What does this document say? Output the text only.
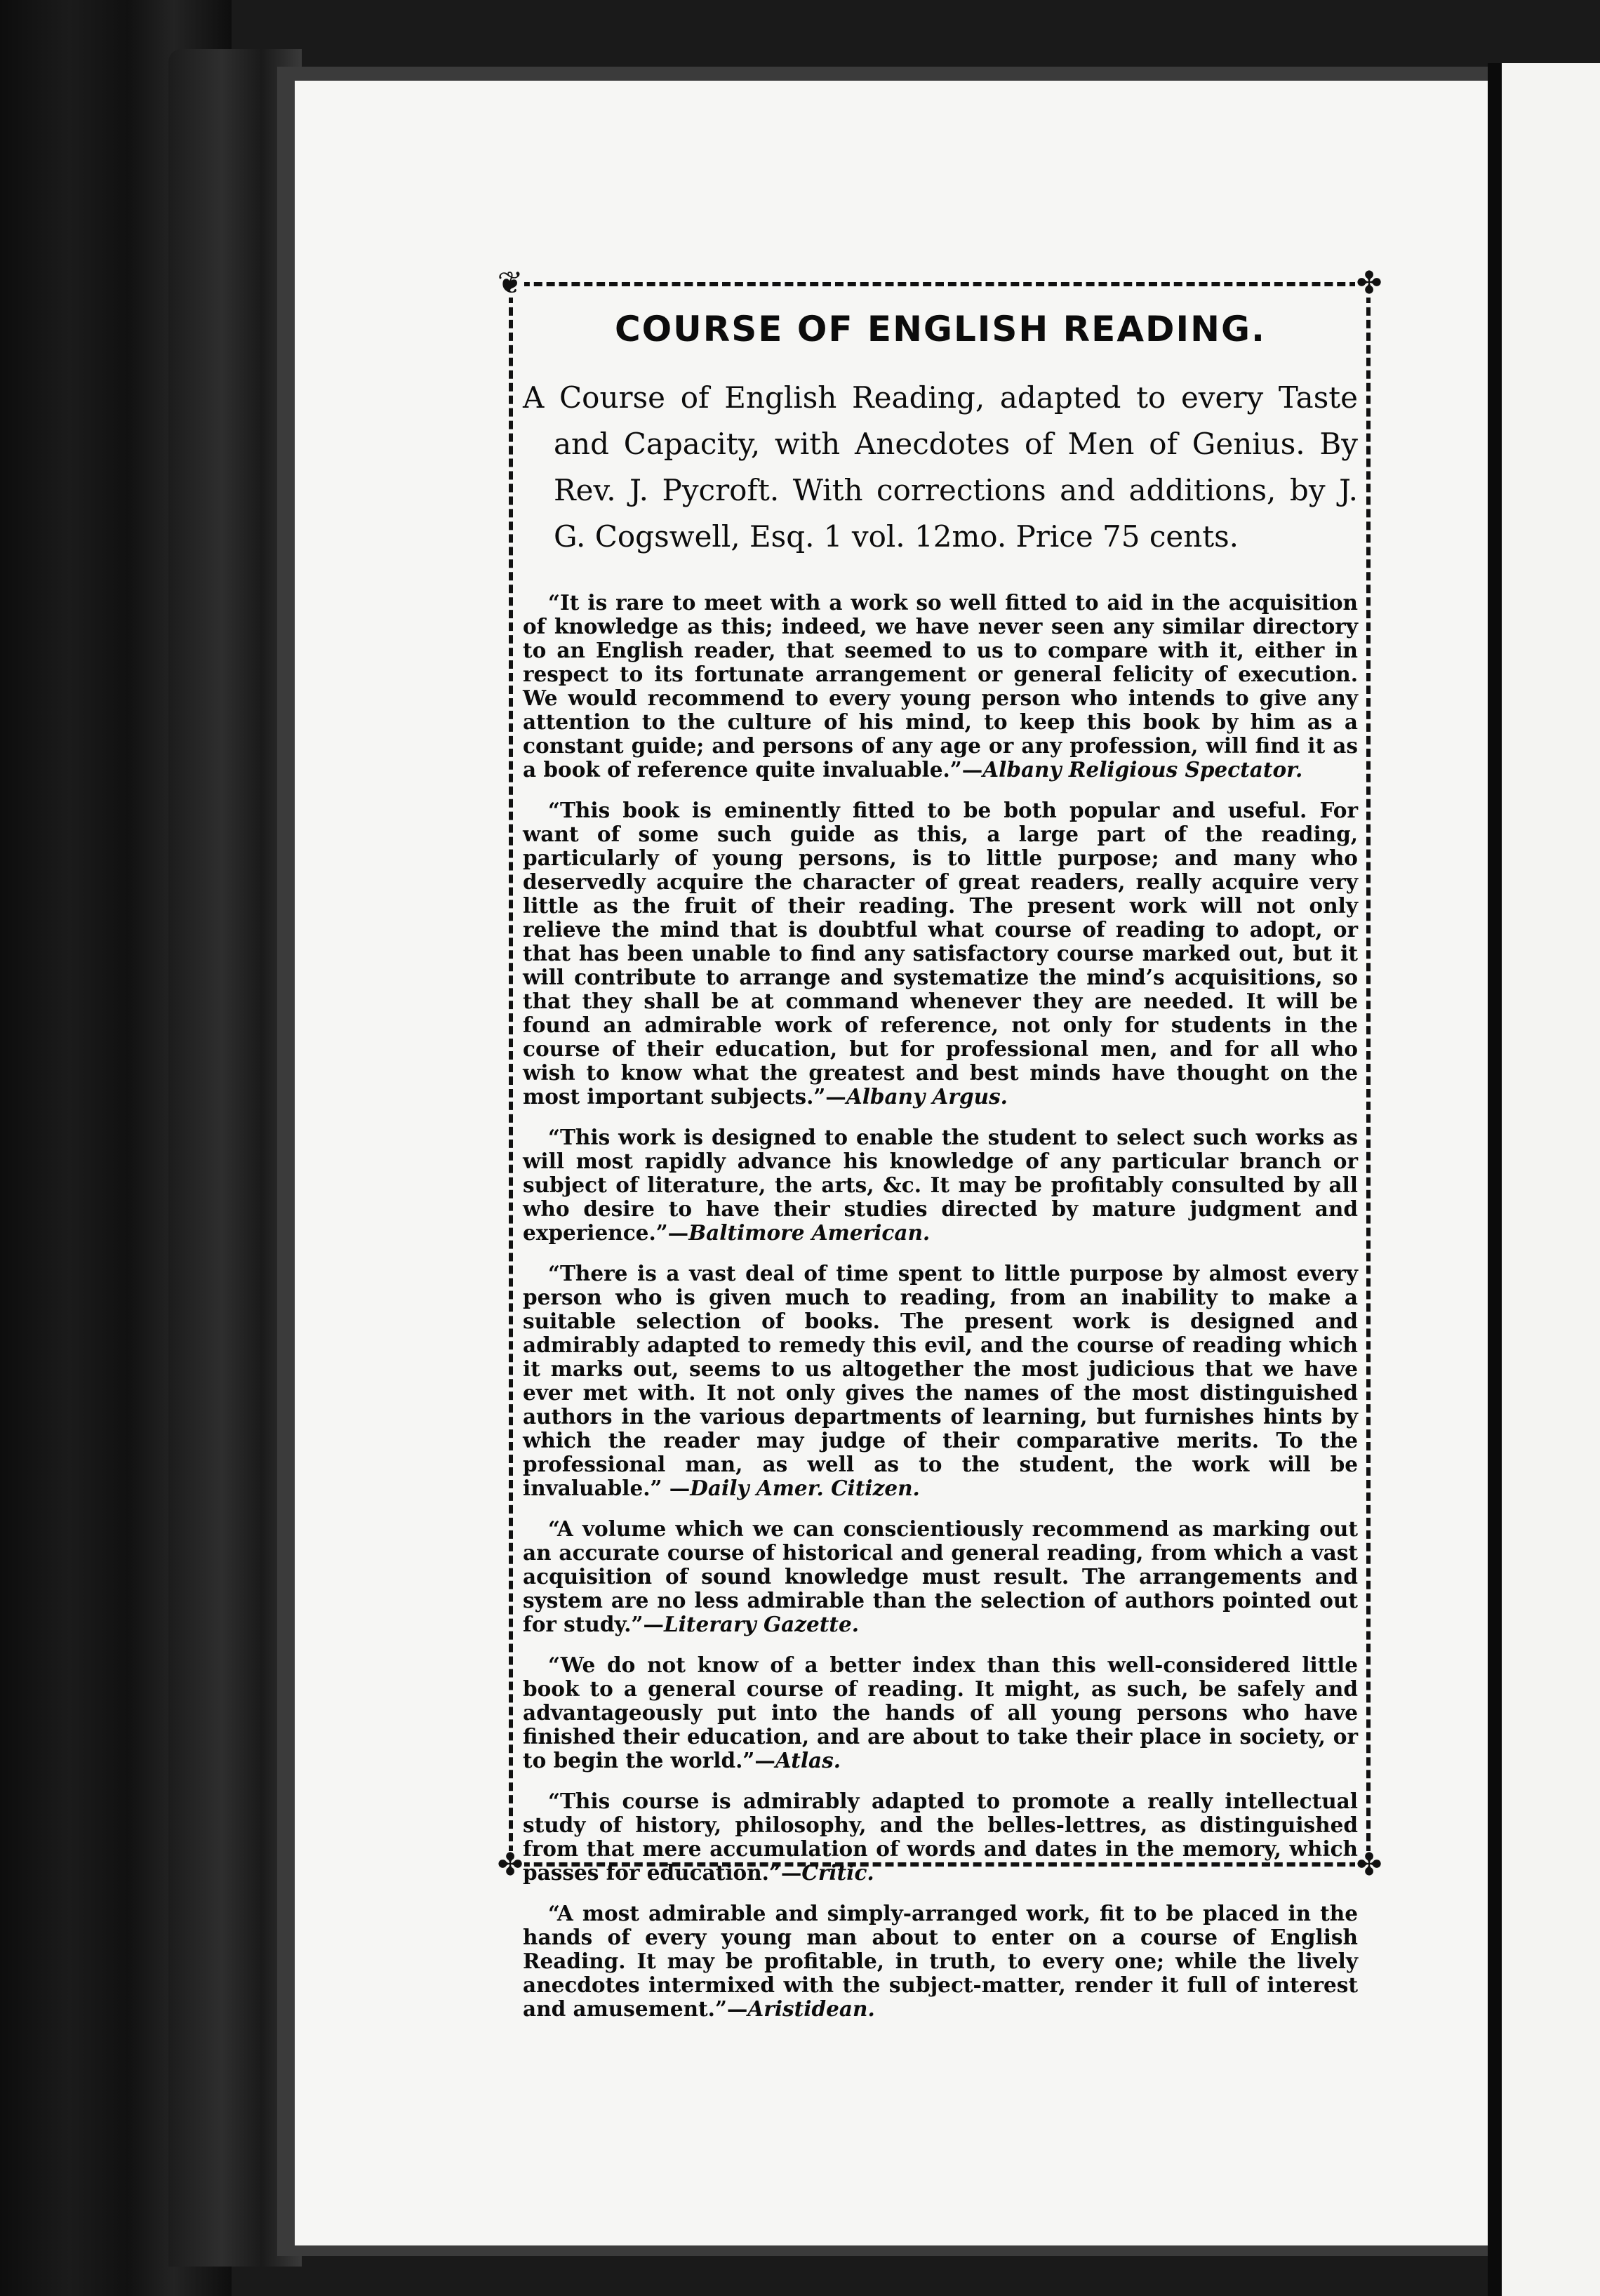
❦	✤
✤	✤
COURSE OF ENGLISH READING.

A Course of English Reading, adapted to every Taste and Capacity, with Anecdotes of Men of Genius. By Rev. J. Pycroft. With corrections and additions, by J. G. Cogswell, Esq. 1 vol. 12mo. Price 75 cents.

“It is rare to meet with a work so well fitted to aid in the acquisition of knowledge as this; indeed, we have never seen any similar directory to an English reader, that seemed to us to compare with it, either in respect to its fortunate arrangement or general felicity of execution. We would recommend to every young person who intends to give any attention to the culture of his mind, to keep this book by him as a constant guide; and persons of any age or any profession, will find it as a book of reference quite invaluable.”—Albany Religious Spectator.

“This book is eminently fitted to be both popular and useful. For want of some such guide as this, a large part of the reading, particularly of young persons, is to little purpose; and many who deservedly acquire the character of great readers, really acquire very little as the fruit of their reading. The present work will not only relieve the mind that is doubtful what course of reading to adopt, or that has been unable to find any satisfactory course marked out, but it will contribute to arrange and systematize the mind’s acquisitions, so that they shall be at command whenever they are needed. It will be found an admirable work of reference, not only for students in the course of their education, but for professional men, and for all who wish to know what the greatest and best minds have thought on the most important subjects.”—Albany Argus.

“This work is designed to enable the student to select such works as will most rapidly advance his knowledge of any particular branch or subject of literature, the arts, &c. It may be profitably consulted by all who desire to have their studies directed by mature judgment and experience.”—Baltimore American.

“There is a vast deal of time spent to little purpose by almost every person who is given much to reading, from an inability to make a suitable selection of books. The present work is designed and admirably adapted to remedy this evil, and the course of reading which it marks out, seems to us altogether the most judicious that we have ever met with. It not only gives the names of the most distinguished authors in the various departments of learning, but furnishes hints by which the reader may judge of their comparative merits. To the professional man, as well as to the student, the work will be invaluable.” —Daily Amer. Citizen.

“A volume which we can conscientiously recommend as marking out an accurate course of historical and general reading, from which a vast acquisition of sound knowledge must result. The arrangements and system are no less admirable than the selection of authors pointed out for study.”—Literary Gazette.

“We do not know of a better index than this well-considered little book to a general course of reading. It might, as such, be safely and advantageously put into the hands of all young persons who have finished their education, and are about to take their place in society, or to begin the world.”—Atlas.

“This course is admirably adapted to promote a really intellectual study of history, philosophy, and the belles-lettres, as distinguished from that mere accumulation of words and dates in the memory, which passes for education.”—Critic.

“A most admirable and simply-arranged work, fit to be placed in the hands of every young man about to enter on a course of English Reading. It may be profitable, in truth, to every one; while the lively anecdotes intermixed with the subject-matter, render it full of interest and amusement.”—Aristidean.
